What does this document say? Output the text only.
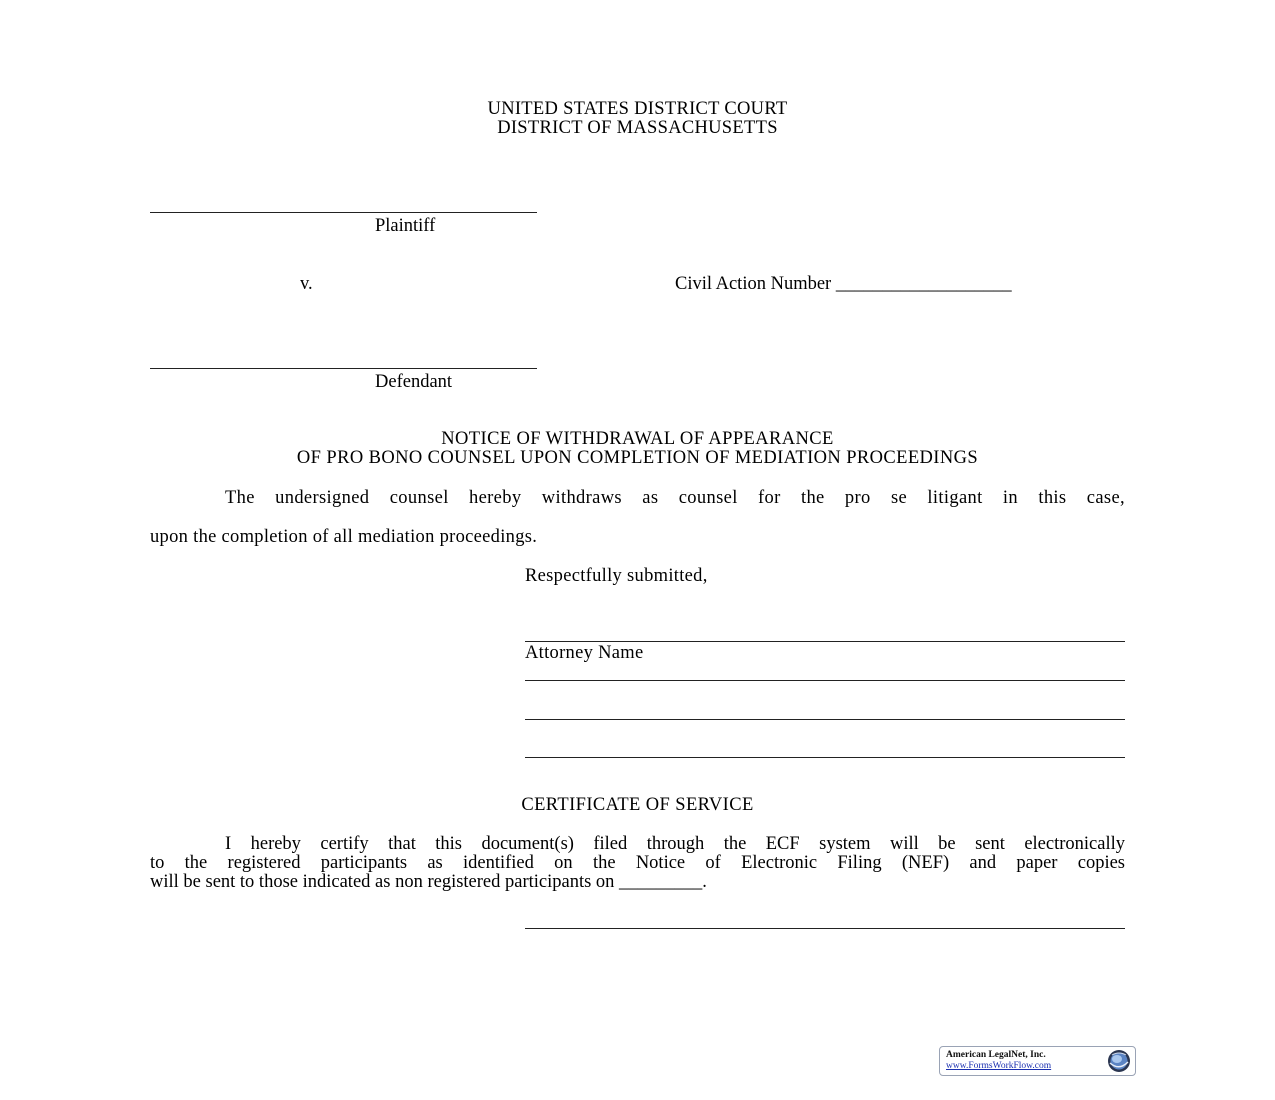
UNITED STATES DISTRICT COURT
DISTRICT OF MASSACHUSETTS
Plaintiff
v.	Civil Action Number ___________________
Defendant
NOTICE OF WITHDRAWAL OF APPEARANCE
OF PRO BONO COUNSEL UPON COMPLETION OF MEDIATION PROCEEDINGS
The undersigned counsel hereby withdraws as counsel for the pro se litigant in this case,
upon the completion of all mediation proceedings.
Respectfully submitted,
Attorney Name
CERTIFICATE OF SERVICE
I hereby certify that this document(s) filed through the ECF system will be sent electronically
to the registered participants as identified on the Notice of Electronic Filing (NEF) and paper copies
will be sent to those indicated as non registered participants on _________.
American LegalNet, Inc.
www.FormsWorkFlow.com
